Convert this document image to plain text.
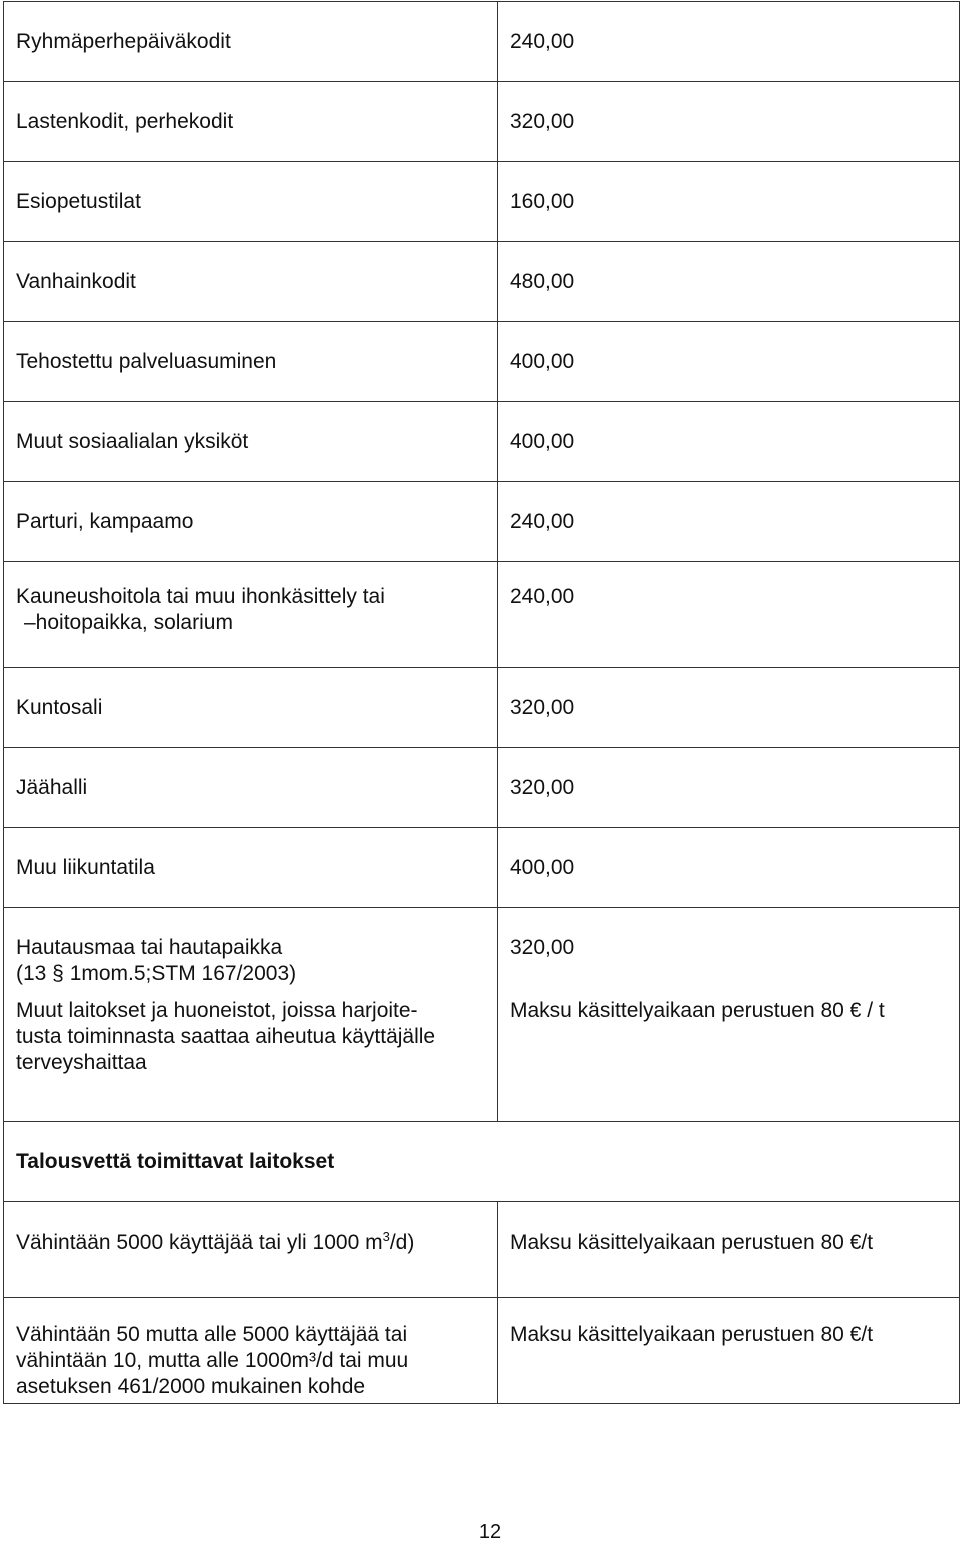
Ryhmäperhepäiväkodit	240,00
Lastenkodit, perhekodit	320,00
Esiopetustilat	160,00
Vanhainkodit	480,00
Tehostettu palveluasuminen	400,00
Muut sosiaalialan yksiköt	400,00
Parturi, kampaamo	240,00

Kauneushoitola tai muu ihonkäsittely tai
–hoitopaikka, solarium	240,00
Kuntosali	320,00
Jäähalli	320,00
Muu liikuntatila	400,00

Hautausmaa tai hautapaikka
(13 § 1mom.5;STM 167/2003)	320,00

Muut laitokset ja huoneistot, joissa harjoite-
tusta toiminnasta saattaa aiheutua käyttäjälle
terveyshaittaa	Maksu käsittelyaikaan perustuen 80 € / t
Talousvettä toimittavat laitokset	
Vähintään 5000 käyttäjää tai yli 1000 $m^3/d$)	Maksu käsittelyaikaan perustuen 80 €/t

Vähintään 50 mutta alle 5000 käyttäjää tai
vähintään 10, mutta alle 1000m³/d tai muu
asetuksen 461/2000 mukainen kohde	Maksu käsittelyaikaan perustuen 80 €/t
12
